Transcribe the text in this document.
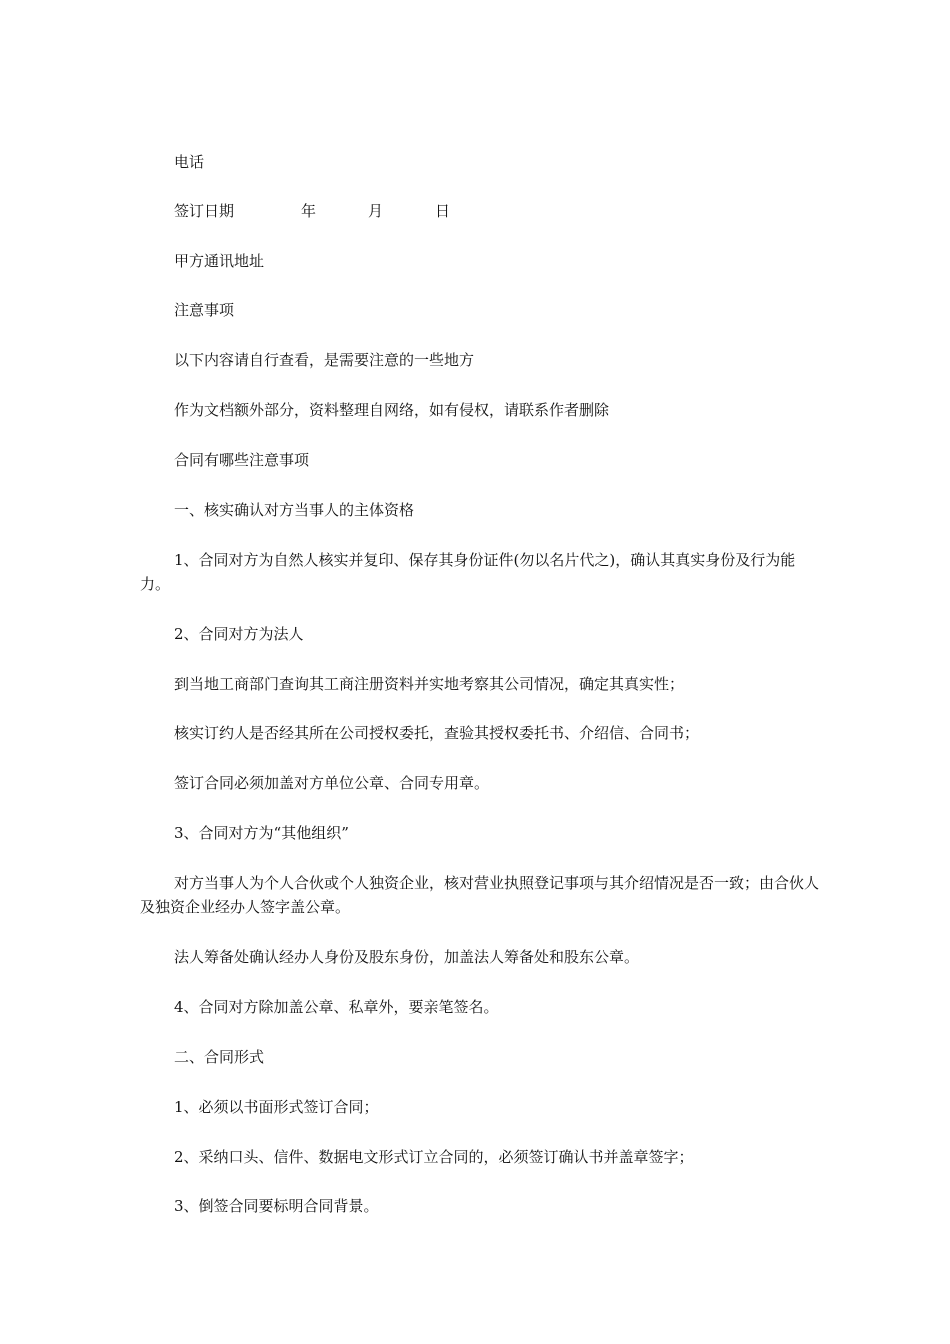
电话
签订日期	年	月	日
甲方通讯地址
注意事项
以下内容请自行查看，是需要注意的一些地方
作为文档额外部分，资料整理自网络，如有侵权，请联系作者删除
合同有哪些注意事项
一、核实确认对方当事人的主体资格
1、合同对方为自然人核实并复印、保存其身份证件(勿以名片代之)，确认其真实身份及行为能力。
2、合同对方为法人
到当地工商部门查询其工商注册资料并实地考察其公司情况，确定其真实性；
核实订约人是否经其所在公司授权委托，查验其授权委托书、介绍信、合同书；
签订合同必须加盖对方单位公章、合同专用章。
3、合同对方为“其他组织”
对方当事人为个人合伙或个人独资企业，核对营业执照登记事项与其介绍情况是否一致；由合伙人及独资企业经办人签字盖公章。
法人筹备处确认经办人身份及股东身份，加盖法人筹备处和股东公章。
4、合同对方除加盖公章、私章外，要亲笔签名。
二、合同形式
1、必须以书面形式签订合同；
2、采纳口头、信件、数据电文形式订立合同的，必须签订确认书并盖章签字；
3、倒签合同要标明合同背景。
